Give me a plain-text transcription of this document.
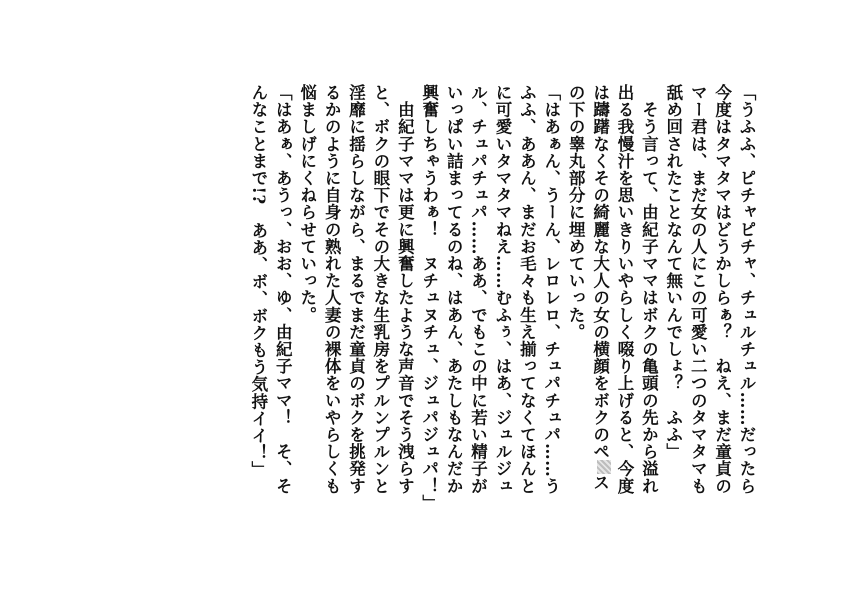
「うふふ、ピチャピチャ、チュルチュル……だったら
今度はタマタマはどうかしらぁ？　ねえ、まだ童貞の
マー君は、まだ女の人にこの可愛い二つのタマタマも
舐め回されたことなんて無いんでしょ？　ふふ」
　そう言って、由紀子ママはボクの亀頭の先から溢れ
出る我慢汁を思いきりいやらしく啜り上げると、今度
は躊躇なくその綺麗な大人の女の横顔をボクのペス
の下の睾丸部分に埋めていった。
「はあぁん、うーん、レロレロ、チュパチュパ……う
ふふ、ああん、まだお毛々も生え揃ってなくてほんと
に可愛いタマタマねえ……むふぅ、はあ、ジュルジュ
ル、チュパチュパ……ああ、でもこの中に若い精子が
いっぱい詰まってるのね、はあん、あたしもなんだか
興奮しちゃうわぁ！　ヌチュヌチュ、ジュパジュパ！」
　由紀子ママは更に興奮したような声音でそう洩らす
と、ボクの眼下でその大きな生乳房をプルンプルンと
淫靡に揺らしながら、まるでまだ童貞のボクを挑発す
るかのように自身の熟れた人妻の裸体をいやらしくも
悩ましげにくねらせていった。
「はあぁ、あうっ、おお、ゆ、由紀子ママ！　そ、そ
んなことまで!?　ああ、ボ、ボクもう気持イイ！」
